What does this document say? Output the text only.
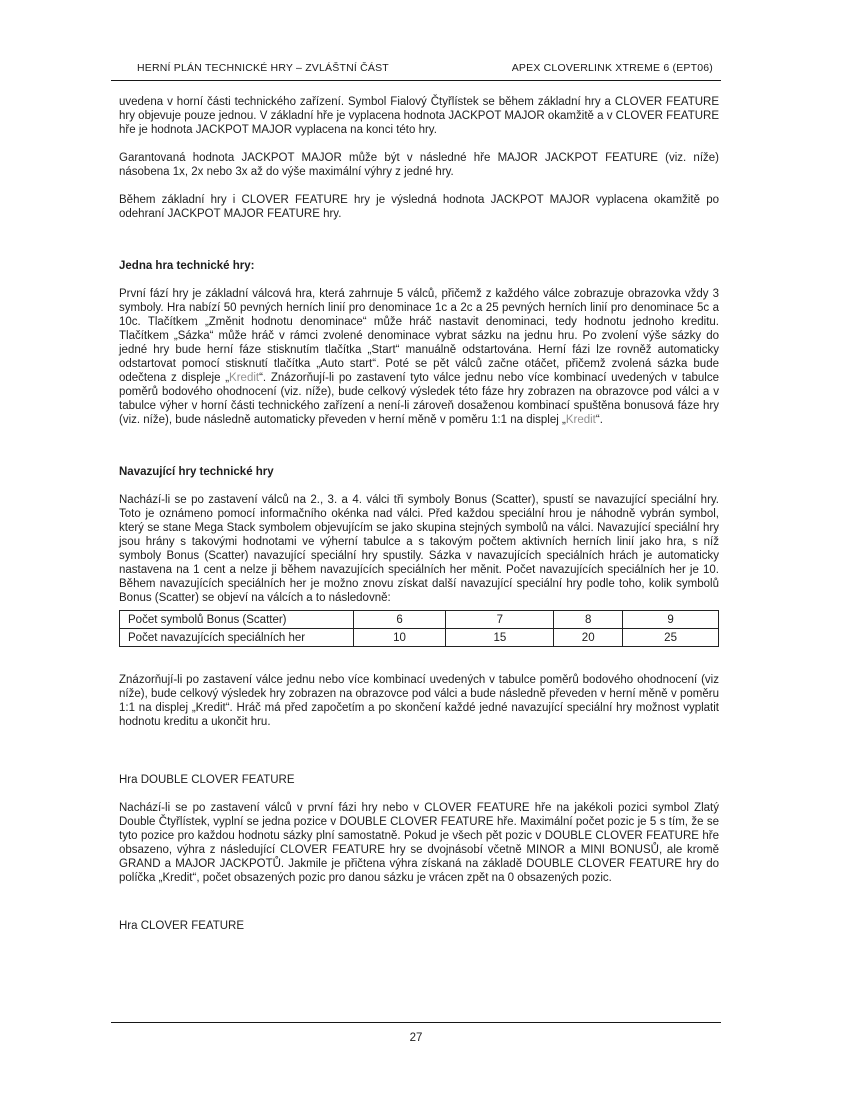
HERNÍ PLÁN TECHNICKÉ HRY – ZVLÁŠTNÍ ČÁST	APEX CLOVERLINK XTREME 6 (EPT06)

uvedena v horní části technického zařízení. Symbol Fialový Čtyřlístek se během základní hry a CLOVER FEATURE hry objevuje pouze jednou. V základní hře je vyplacena hodnota JACKPOT MAJOR okamžitě a v CLOVER FEATURE hře je hodnota JACKPOT MAJOR vyplacena na konci této hry.

Garantovaná hodnota JACKPOT MAJOR může být v následné hře MAJOR JACKPOT FEATURE (viz. níže) násobena 1x, 2x nebo 3x až do výše maximální výhry z jedné hry.

Během základní hry i CLOVER FEATURE hry je výsledná hodnota JACKPOT MAJOR vyplacena okamžitě po odehraní JACKPOT MAJOR FEATURE hry.

Jedna hra technické hry:

První fází hry je základní válcová hra, která zahrnuje 5 válců, přičemž z každého válce zobrazuje obrazovka vždy 3 symboly. Hra nabízí 50 pevných herních linií pro denominace 1c a 2c a 25 pevných herních linií pro denominace 5c a 10c. Tlačítkem „Změnit hodnotu denominace“ může hráč nastavit denominaci, tedy hodnotu jednoho kreditu. Tlačítkem „Sázka“ může hráč v rámci zvolené denominace vybrat sázku na jednu hru. Po zvolení výše sázky do jedné hry bude herní fáze stisknutím tlačítka „Start“ manuálně odstartována. Herní fázi lze rovněž automaticky odstartovat pomocí stisknutí tlačítka „Auto start“. Poté se pět válců začne otáčet, přičemž zvolená sázka bude odečtena z displeje „Kredit“. Znázorňují-li po zastavení tyto válce jednu nebo více kombinací uvedených v tabulce poměrů bodového ohodnocení (viz. níže), bude celkový výsledek této fáze hry zobrazen na obrazovce pod válci a v tabulce výher v horní části technického zařízení a není-li zároveň dosaženou kombinací spuštěna bonusová fáze hry (viz. níže), bude následně automaticky převeden v herní měně v poměru 1:1 na displej „Kredit“.

Navazující hry technické hry

Nachází-li se po zastavení válců na 2., 3. a 4. válci tři symboly Bonus (Scatter), spustí se navazující speciální hry. Toto je oznámeno pomocí informačního okénka nad válci. Před každou speciální hrou je náhodně vybrán symbol, který se stane Mega Stack symbolem objevujícím se jako skupina stejných symbolů na válci. Navazující speciální hry jsou hrány s takovými hodnotami ve výherní tabulce a s takovým počtem aktivních herních linií jako hra, s níž symboly Bonus (Scatter) navazující speciální hry spustily. Sázka v navazujících speciálních hrách je automaticky nastavena na 1 cent a nelze ji během navazujících speciálních her měnit. Počet navazujících speciálních her je 10. Během navazujících speciálních her je možno znovu získat další navazující speciální hry podle toho, kolik symbolů Bonus (Scatter) se objeví na válcích a to následovně:

Počet symbolů Bonus (Scatter)	6	7	8	9
Počet navazujících speciálních her	10	15	20	25

Znázorňují-li po zastavení válce jednu nebo více kombinací uvedených v tabulce poměrů bodového ohodnocení (viz níže), bude celkový výsledek hry zobrazen na obrazovce pod válci a bude následně převeden v herní měně v poměru 1:1 na displej „Kredit“. Hráč má před započetím a po skončení každé jedné navazující speciální hry možnost vyplatit hodnotu kreditu a ukončit hru.

Hra DOUBLE CLOVER FEATURE

Nachází-li se po zastavení válců v první fázi hry nebo v CLOVER FEATURE hře na jakékoli pozici symbol Zlatý Double Čtyřlístek, vyplní se jedna pozice v DOUBLE CLOVER FEATURE hře. Maximální počet pozic je 5 s tím, že se tyto pozice pro každou hodnotu sázky plní samostatně. Pokud je všech pět pozic v DOUBLE CLOVER FEATURE hře obsazeno, výhra z následující CLOVER FEATURE hry se dvojnásobí včetně MINOR a MINI BONUSŮ, ale kromě GRAND a MAJOR JACKPOTŮ. Jakmile je přičtena výhra získaná na základě DOUBLE CLOVER FEATURE hry do políčka „Kredit“, počet obsazených pozic pro danou sázku je vrácen zpět na 0 obsazených pozic.

Hra CLOVER FEATURE

27
